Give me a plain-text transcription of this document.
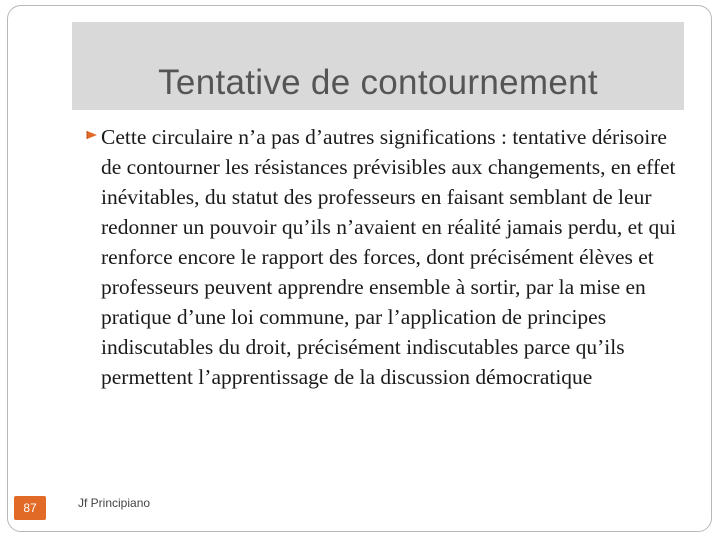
Tentative de contournement

Cette circulaire n’a pas d’autres significations : tentative dérisoire de contourner les résistances prévisibles aux changements, en effet inévitables, du statut des professeurs en faisant semblant de leur redonner un pouvoir qu’ils n’avaient en réalité jamais perdu, et qui renforce encore le rapport des forces, dont précisément élèves et professeurs peuvent apprendre ensemble à sortir, par la mise en pratique d’une loi commune, par l’application de principes indiscutables du droit, précisément indiscutables parce qu’ils permettent l’apprentissage de la discussion démocratique

87	Jf Principiano
